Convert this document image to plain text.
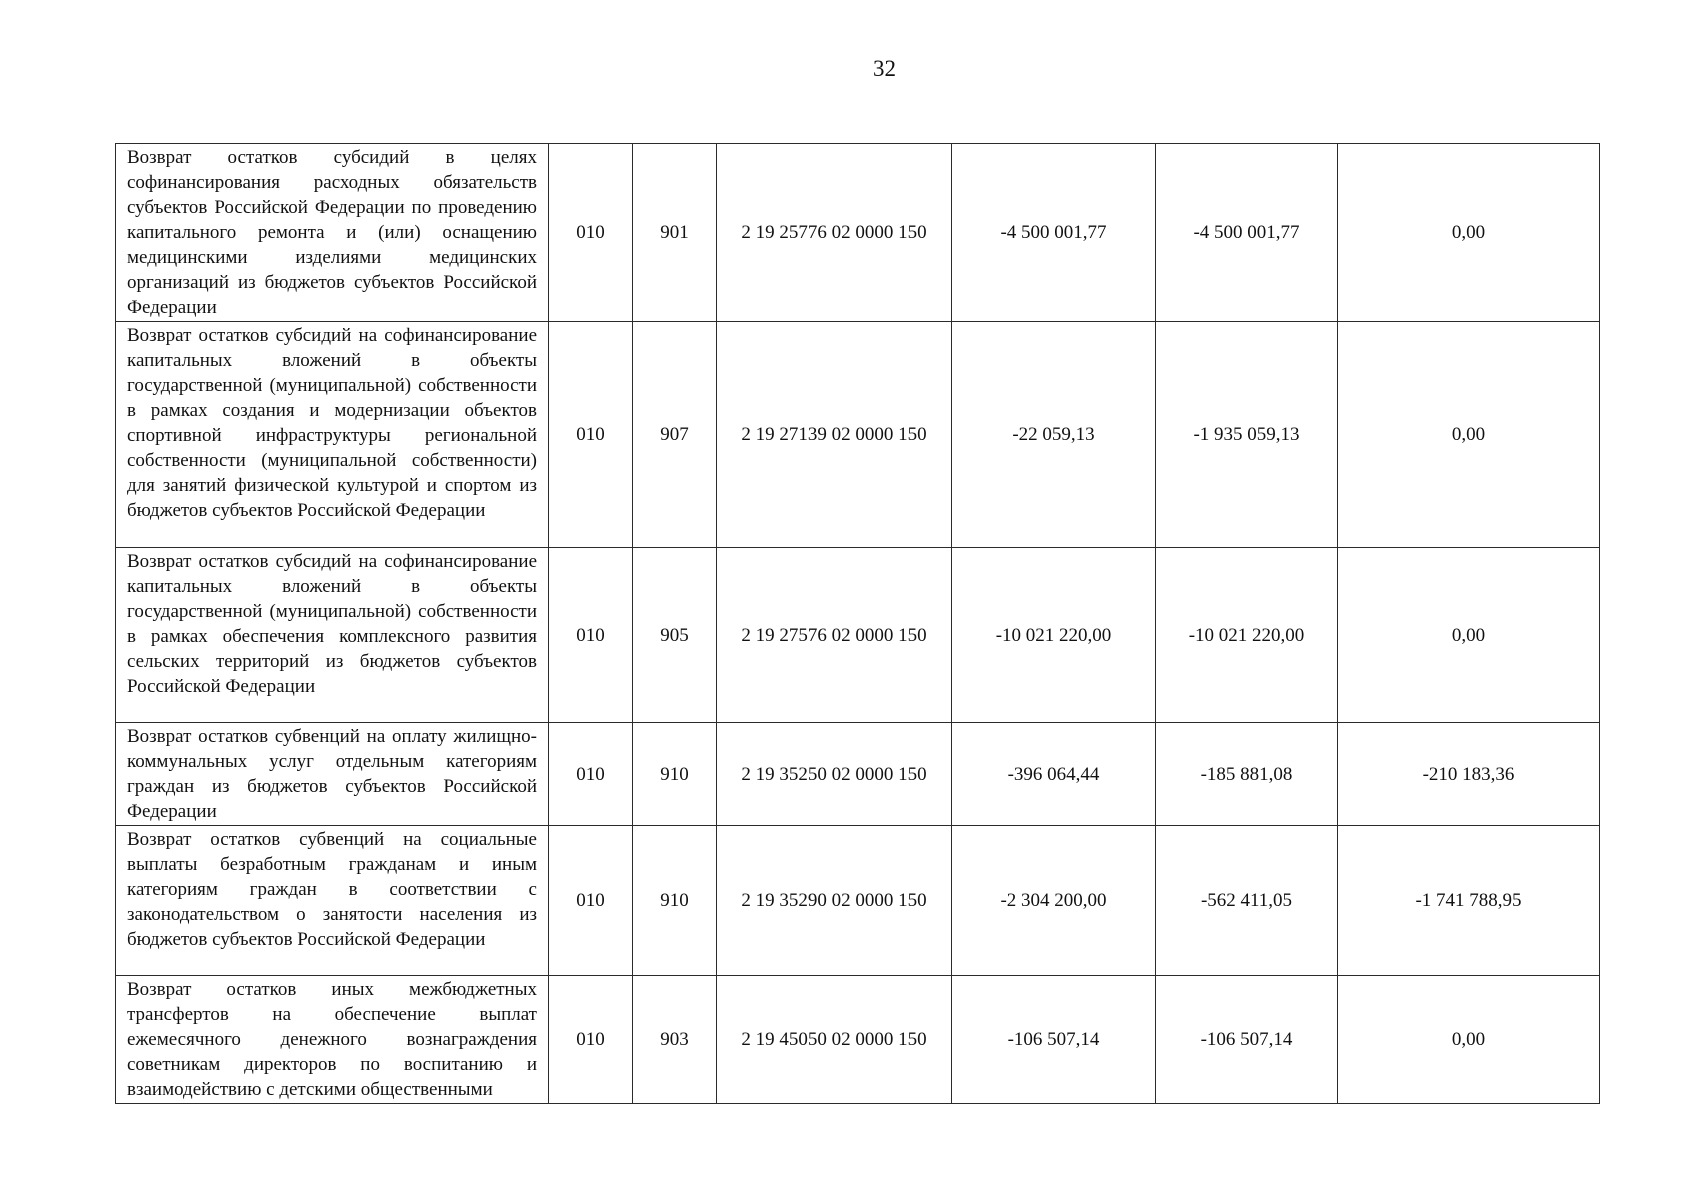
32
Возврат остатков субсидий в целях софинансирования расходных обязательств субъектов Российской Федерации по проведению капитального ремонта и (или) оснащению медицинскими изделиями медицинских организаций из бюджетов субъектов Российской Федерации	010	901	2 19 25776 02 0000 150	-4 500 001,77	-4 500 001,77	0,00
Возврат остатков субсидий на софинансирование капитальных вложений в объекты государственной (муниципальной) собственности в рамках создания и модернизации объектов спортивной инфраструктуры региональной собственности (муниципальной собственности) для занятий физической культурой и спортом из бюджетов субъектов Российской Федерации	010	907	2 19 27139 02 0000 150	-22 059,13	-1 935 059,13	0,00
Возврат остатков субсидий на софинансирование капитальных вложений в объекты государственной (муниципальной) собственности в рамках обеспечения комплексного развития сельских территорий из бюджетов субъектов Российской Федерации	010	905	2 19 27576 02 0000 150	-10 021 220,00	-10 021 220,00	0,00
Возврат остатков субвенций на оплату жилищно-коммунальных услуг отдельным категориям граждан из бюджетов субъектов Российской Федерации	010	910	2 19 35250 02 0000 150	-396 064,44	-185 881,08	-210 183,36
Возврат остатков субвенций на социальные выплаты безработным гражданам и иным категориям граждан в соответствии с законодательством о занятости населения из бюджетов субъектов Российской Федерации	010	910	2 19 35290 02 0000 150	-2 304 200,00	-562 411,05	-1 741 788,95
Возврат остатков иных межбюджетных трансфертов на обеспечение выплат ежемесячного денежного вознаграждения советникам директоров по воспитанию и взаимодействию с детскими общественными	010	903	2 19 45050 02 0000 150	-106 507,14	-106 507,14	0,00
